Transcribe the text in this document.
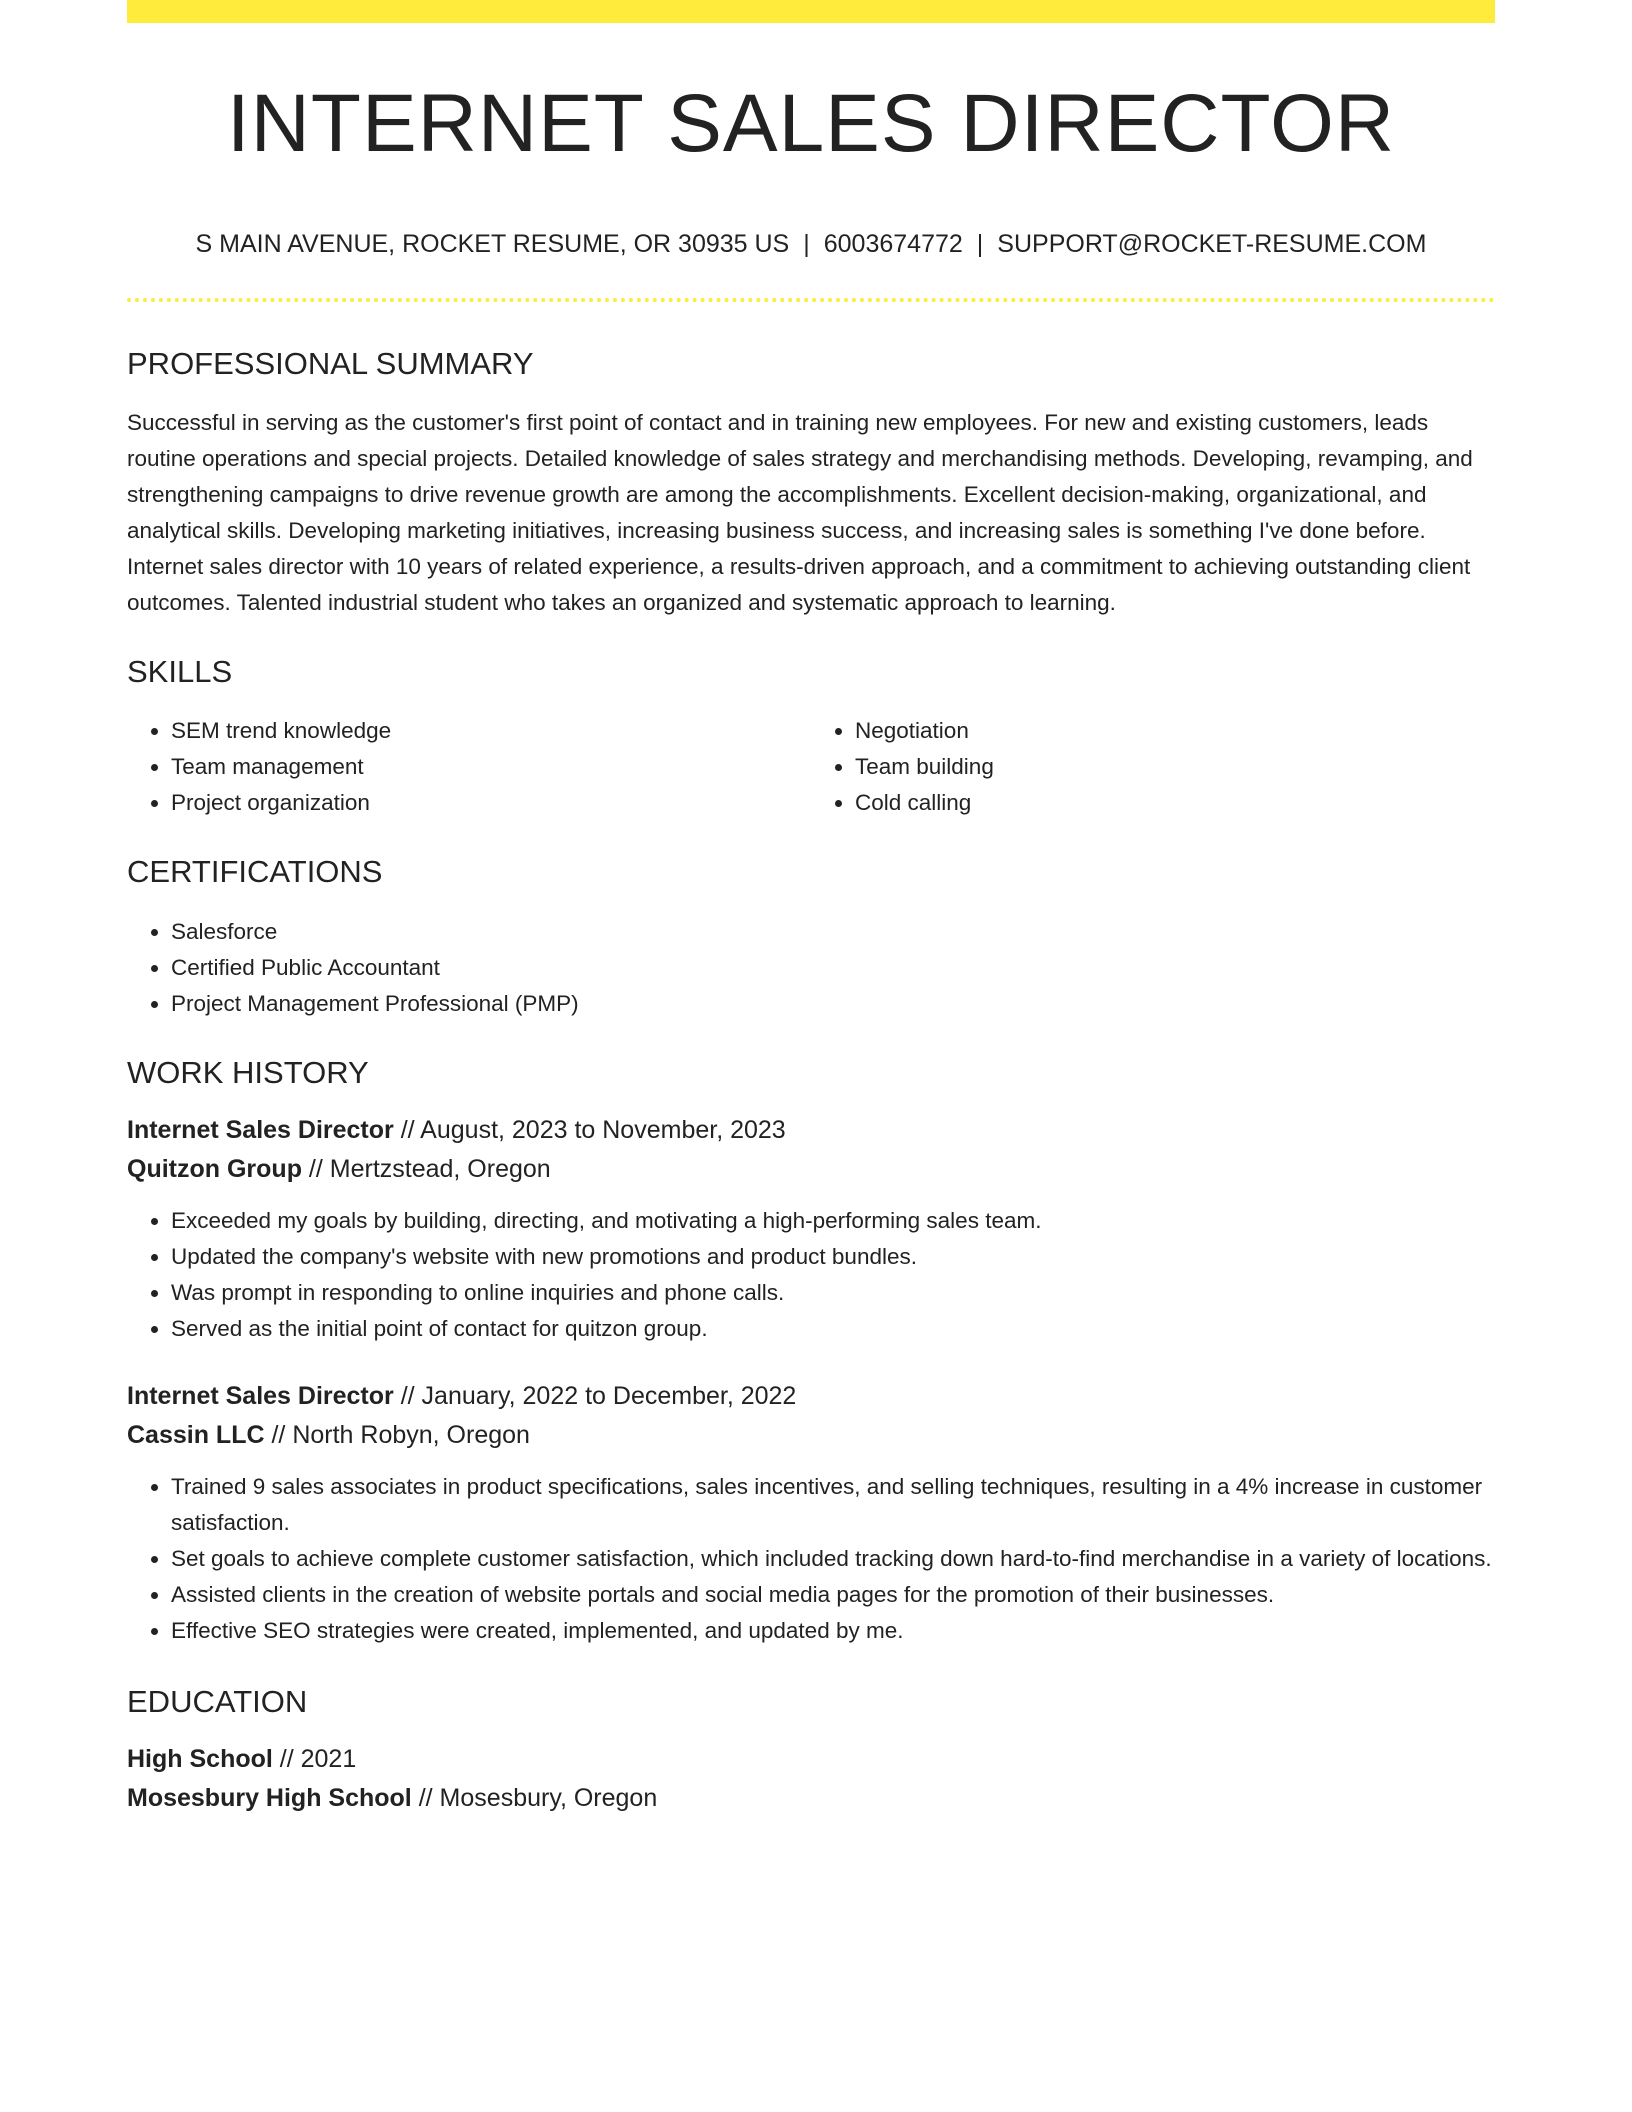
INTERNET SALES DIRECTOR
S MAIN AVENUE, ROCKET RESUME, OR 30935 US | 6003674772 | SUPPORT@ROCKET-RESUME.COM
PROFESSIONAL SUMMARY

Successful in serving as the customer's first point of contact and in training new employees. For new and existing customers, leads routine operations and special projects. Detailed knowledge of sales strategy and merchandising methods. Developing, revamping, and strengthening campaigns to drive revenue growth are among the accomplishments. Excellent decision-making, organizational, and analytical skills. Developing marketing initiatives, increasing business success, and increasing sales is something I've done before. Internet sales director with 10 years of related experience, a results-driven approach, and a commitment to achieving outstanding client outcomes. Talented industrial student who takes an organized and systematic approach to learning.

SKILLS
• SEM trend knowledge
• Team management
• Project organization
• Negotiation
• Team building
• Cold calling
CERTIFICATIONS
• Salesforce
• Certified Public Accountant
• Project Management Professional (PMP)
WORK HISTORY
Internet Sales Director // August, 2023 to November, 2023
Quitzon Group // Mertzstead, Oregon
• Exceeded my goals by building, directing, and motivating a high-performing sales team.
• Updated the company's website with new promotions and product bundles.
• Was prompt in responding to online inquiries and phone calls.
• Served as the initial point of contact for quitzon group.
Internet Sales Director // January, 2022 to December, 2022
Cassin LLC // North Robyn, Oregon
• Trained 9 sales associates in product specifications, sales incentives, and selling techniques, resulting in a 4% increase in customer satisfaction.
• Set goals to achieve complete customer satisfaction, which included tracking down hard-to-find merchandise in a variety of locations.
• Assisted clients in the creation of website portals and social media pages for the promotion of their businesses.
• Effective SEO strategies were created, implemented, and updated by me.
EDUCATION
High School // 2021
Mosesbury High School // Mosesbury, Oregon
